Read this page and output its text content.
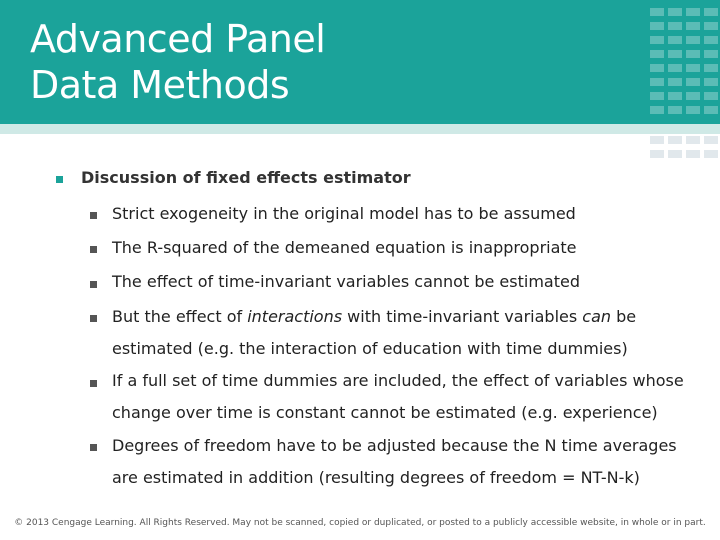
Advanced Panel
Data Methods
Discussion of fixed effects estimator
Strict exogeneity in the original model has to be assumed
The R-squared of the demeaned equation is inappropriate
The effect of time-invariant variables cannot be estimated
But the effect of interactions with time-invariant variables can be estimated (e.g. the interaction of education with time dummies)
If a full set of time dummies are included, the effect of variables whose change over time is constant cannot be estimated (e.g. experience)
Degrees of freedom have to be adjusted because the N time averages are estimated in addition (resulting degrees of freedom = NT-N-k)
© 2013 Cengage Learning. All Rights Reserved. May not be scanned, copied or duplicated, or posted to a publicly accessible website, in whole or in part.
